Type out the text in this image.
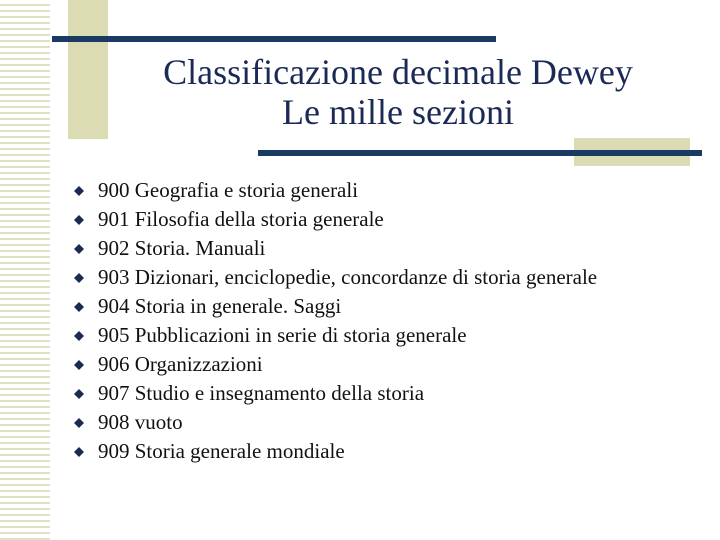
Classificazione decimale Dewey
Le mille sezioni
900 Geografia e storia generali
901 Filosofia della storia generale
902 Storia. Manuali
903 Dizionari, enciclopedie, concordanze di storia generale
904 Storia in generale. Saggi
905 Pubblicazioni in serie di storia generale
906 Organizzazioni
907 Studio e insegnamento della storia
908 vuoto
909 Storia generale mondiale
